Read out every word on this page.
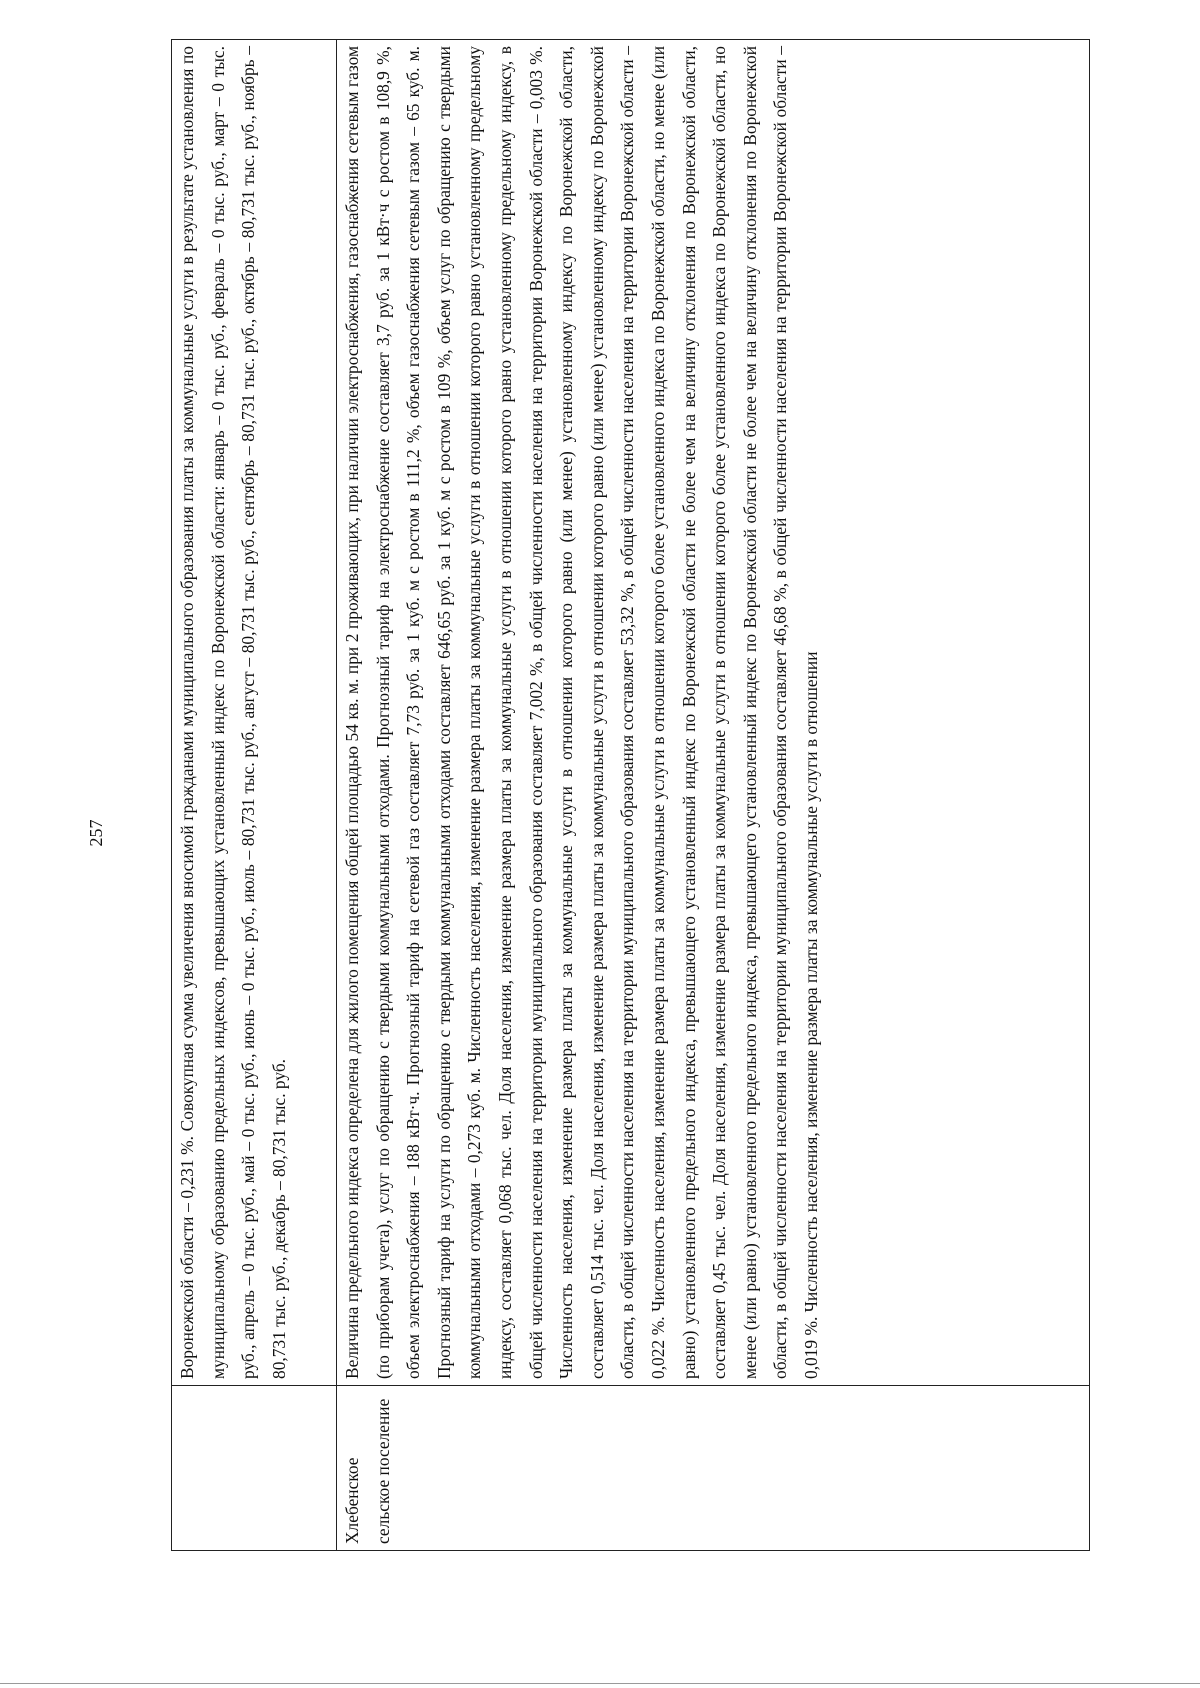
257

	Воронежской области – 0,231 %. Совокупная сумма увеличения вносимой гражданами муниципального образования платы за коммунальные услуги в результате установления по муниципальному образованию предельных индексов, превышающих установленный индекс по Воронежской области: январь – 0 тыс. руб., февраль – 0 тыс. руб., март – 0 тыс. руб., апрель – 0 тыс. руб., май – 0 тыс. руб., июнь – 0 тыс. руб., июль – 80,731 тыс. руб., август – 80,731 тыс. руб., сентябрь – 80,731 тыс. руб., октябрь – 80,731 тыс. руб., ноябрь – 80,731 тыс. руб., декабрь – 80,731 тыс. руб.

Хлебенское сельское поселение	Величина предельного индекса определена для жилого помещения общей площадью 54 кв. м. при 2 проживающих, при наличии электроснабжения, газоснабжения сетевым газом (по приборам учета), услуг по обращению с твердыми коммунальными отходами. Прогнозный тариф на электроснабжение составляет 3,7 руб. за 1 кВт·ч с ростом в 108,9 %, объем электроснабжения – 188 кВт·ч. Прогнозный тариф на сетевой газ составляет 7,73 руб. за 1 куб. м с ростом в 111,2 %, объем газоснабжения сетевым газом – 65 куб. м. Прогнозный тариф на услуги по обращению с твердыми коммунальными отходами составляет 646,65 руб. за 1 куб. м с ростом в 109 %, объем услуг по обращению с твердыми коммунальными отходами – 0,273 куб. м. Численность населения, изменение размера платы за коммунальные услуги в отношении которого равно установленному предельному индексу, составляет 0,068 тыс. чел. Доля населения, изменение размера платы за коммунальные услуги в отношении которого равно установленному предельному индексу, в общей численности населения на территории муниципального образования составляет 7,002 %, в общей численности населения на территории Воронежской области – 0,003 %. Численность населения, изменение размера платы за коммунальные услуги в отношении которого равно (или менее) установленному индексу по Воронежской области, составляет 0,514 тыс. чел. Доля населения, изменение размера платы за коммунальные услуги в отношении которого равно (или менее) установленному индексу по Воронежской области, в общей численности населения на территории муниципального образования составляет 53,32 %, в общей численности населения на территории Воронежской области – 0,022 %. Численность населения, изменение размера платы за коммунальные услуги в отношении которого более установленного индекса по Воронежской области, но менее (или равно) установленного предельного индекса, превышающего установленный индекс по Воронежской области не более чем на величину отклонения по Воронежской области, составляет 0,45 тыс. чел. Доля населения, изменение размера платы за коммунальные услуги в отношении которого более установленного индекса по Воронежской области, но менее (или равно) установленного предельного индекса, превышающего установленный индекс по Воронежской области не более чем на величину отклонения по Воронежской области, в общей численности населения на территории муниципального образования составляет 46,68 %, в общей численности населения на территории Воронежской области – 0,019 %. Численность населения, изменение размера платы за коммунальные услуги в отношении
